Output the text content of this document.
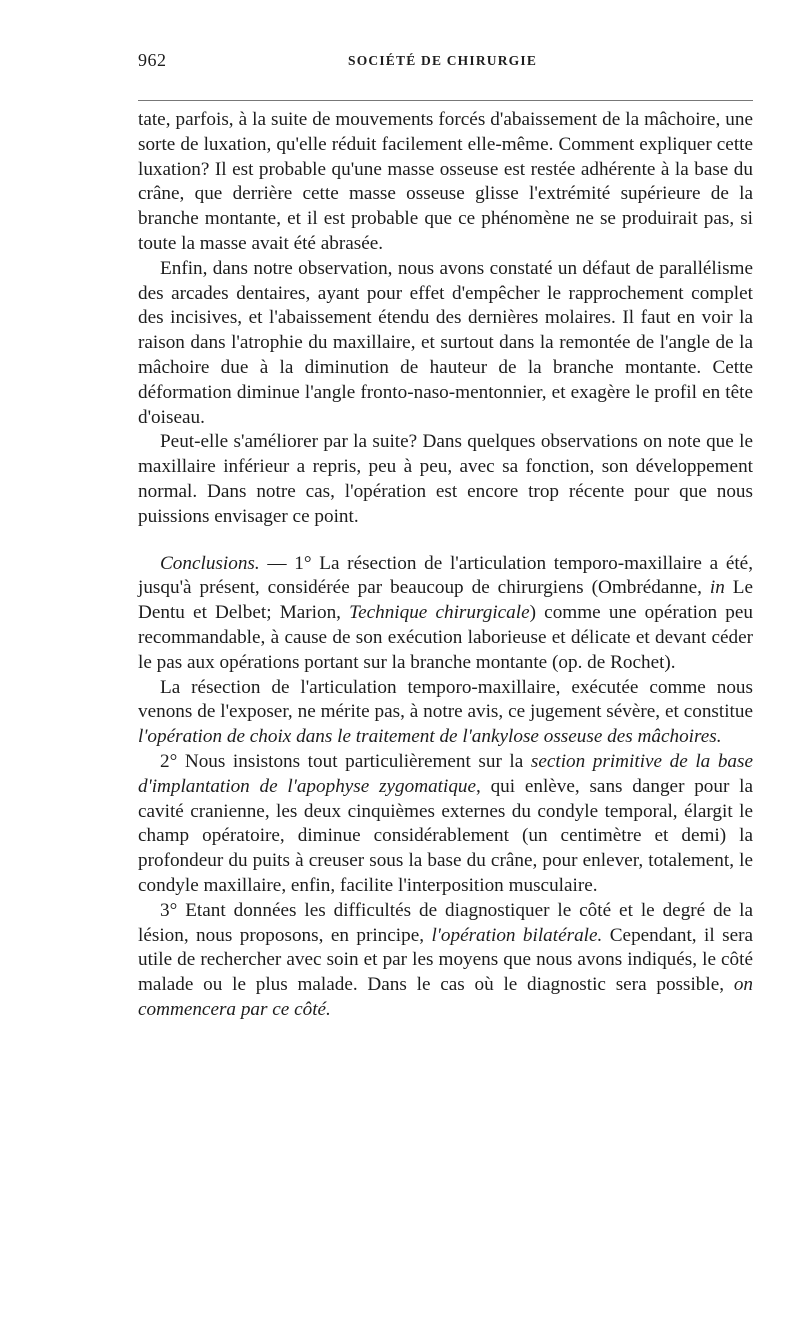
962	SOCIÉTÉ DE CHIRURGIE

tate, parfois, à la suite de mouvements forcés d'abaissement de la mâchoire, une sorte de luxation, qu'elle réduit facilement elle-même. Comment expliquer cette luxation? Il est probable qu'une masse osseuse est restée adhérente à la base du crâne, que derrière cette masse osseuse glisse l'extrémité supérieure de la branche montante, et il est probable que ce phénomène ne se produirait pas, si toute la masse avait été abrasée.

Enfin, dans notre observation, nous avons constaté un défaut de parallélisme des arcades dentaires, ayant pour effet d'empêcher le rapprochement complet des incisives, et l'abaissement étendu des dernières molaires. Il faut en voir la raison dans l'atrophie du maxillaire, et surtout dans la remontée de l'angle de la mâchoire due à la diminution de hauteur de la branche montante. Cette déformation diminue l'angle fronto-naso-mentonnier, et exagère le profil en tête d'oiseau.

Peut-elle s'améliorer par la suite? Dans quelques observations on note que le maxillaire inférieur a repris, peu à peu, avec sa fonction, son développement normal. Dans notre cas, l'opération est encore trop récente pour que nous puissions envisager ce point.

Conclusions. — 1° La résection de l'articulation temporo-maxillaire a été, jusqu'à présent, considérée par beaucoup de chirurgiens (Ombrédanne, in Le Dentu et Delbet; Marion, Technique chirurgicale) comme une opération peu recommandable, à cause de son exécution laborieuse et délicate et devant céder le pas aux opérations portant sur la branche montante (op. de Rochet).

La résection de l'articulation temporo-maxillaire, exécutée comme nous venons de l'exposer, ne mérite pas, à notre avis, ce jugement sévère, et constitue l'opération de choix dans le traitement de l'ankylose osseuse des mâchoires.

2° Nous insistons tout particulièrement sur la section primitive de la base d'implantation de l'apophyse zygomatique, qui enlève, sans danger pour la cavité cranienne, les deux cinquièmes externes du condyle temporal, élargit le champ opératoire, diminue considérablement (un centimètre et demi) la profondeur du puits à creuser sous la base du crâne, pour enlever, totalement, le condyle maxillaire, enfin, facilite l'interposition musculaire.

3° Etant données les difficultés de diagnostiquer le côté et le degré de la lésion, nous proposons, en principe, l'opération bilatérale. Cependant, il sera utile de rechercher avec soin et par les moyens que nous avons indiqués, le côté malade ou le plus malade. Dans le cas où le diagnostic sera possible, on commencera par ce côté.
